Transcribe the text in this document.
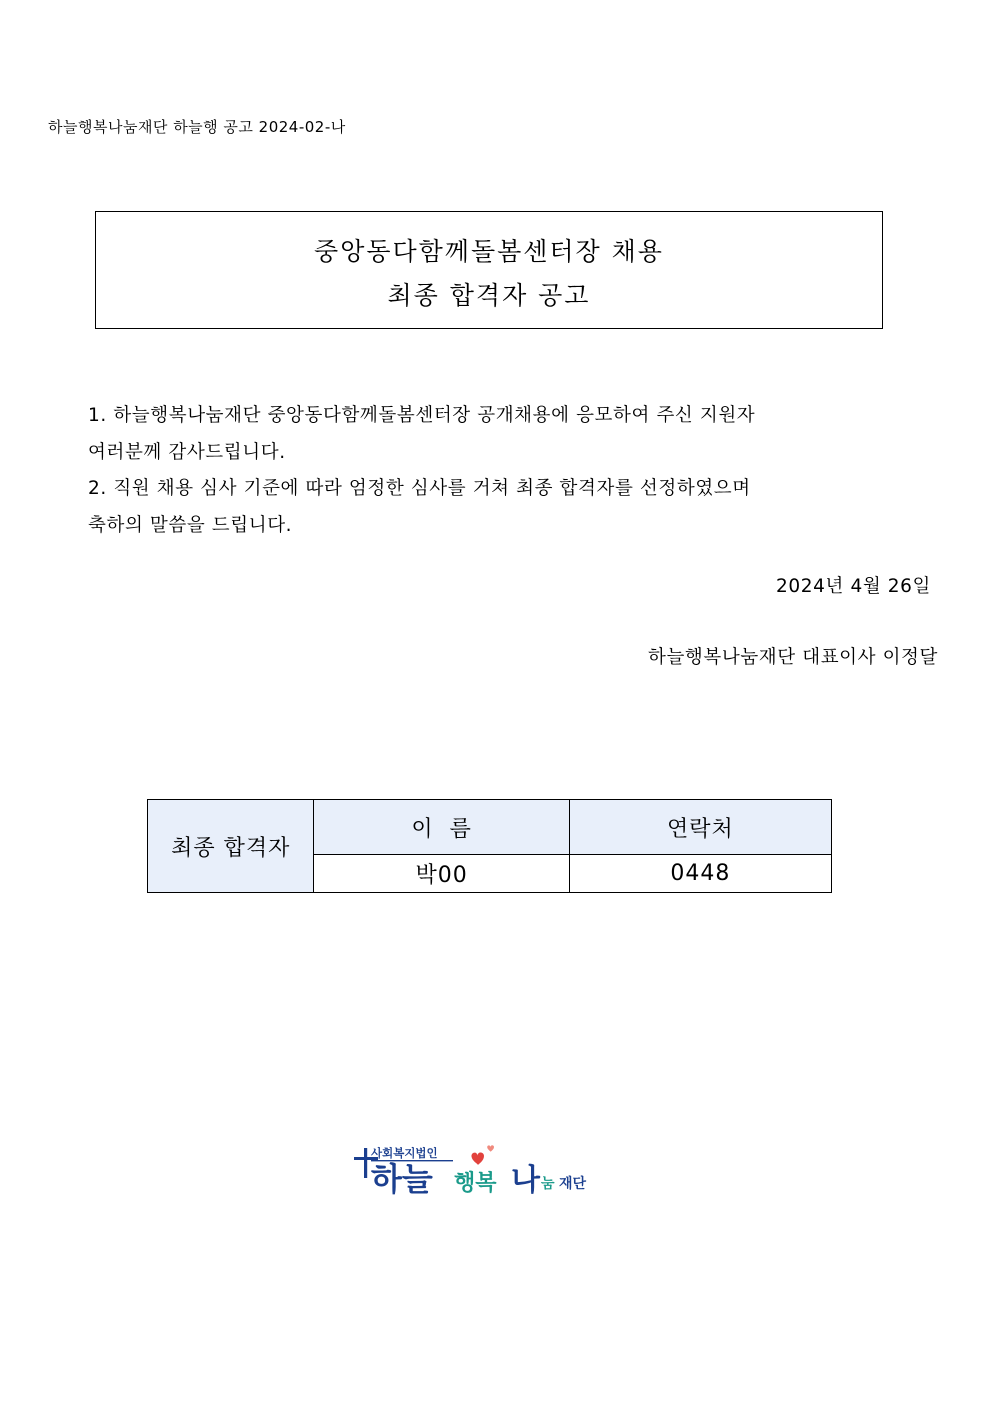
하늘행복나눔재단 하늘행 공고 2024-02-나
중앙동다함께돌봄센터장 채용
최종 합격자 공고
1. 하늘행복나눔재단 중앙동다함께돌봄센터장 공개채용에 응모하여 주신 지원자
여러분께 감사드립니다.
2. 직원 채용 심사 기준에 따라 엄정한 심사를 거쳐 최종 합격자를 선정하였으며
축하의 말씀을 드립니다.
2024년 4월 26일
하늘행복나눔재단 대표이사 이정달
최종 합격자	이  름	연락처
	박00	0448
사회복지법인
하늘 행복 나 눔 재단
